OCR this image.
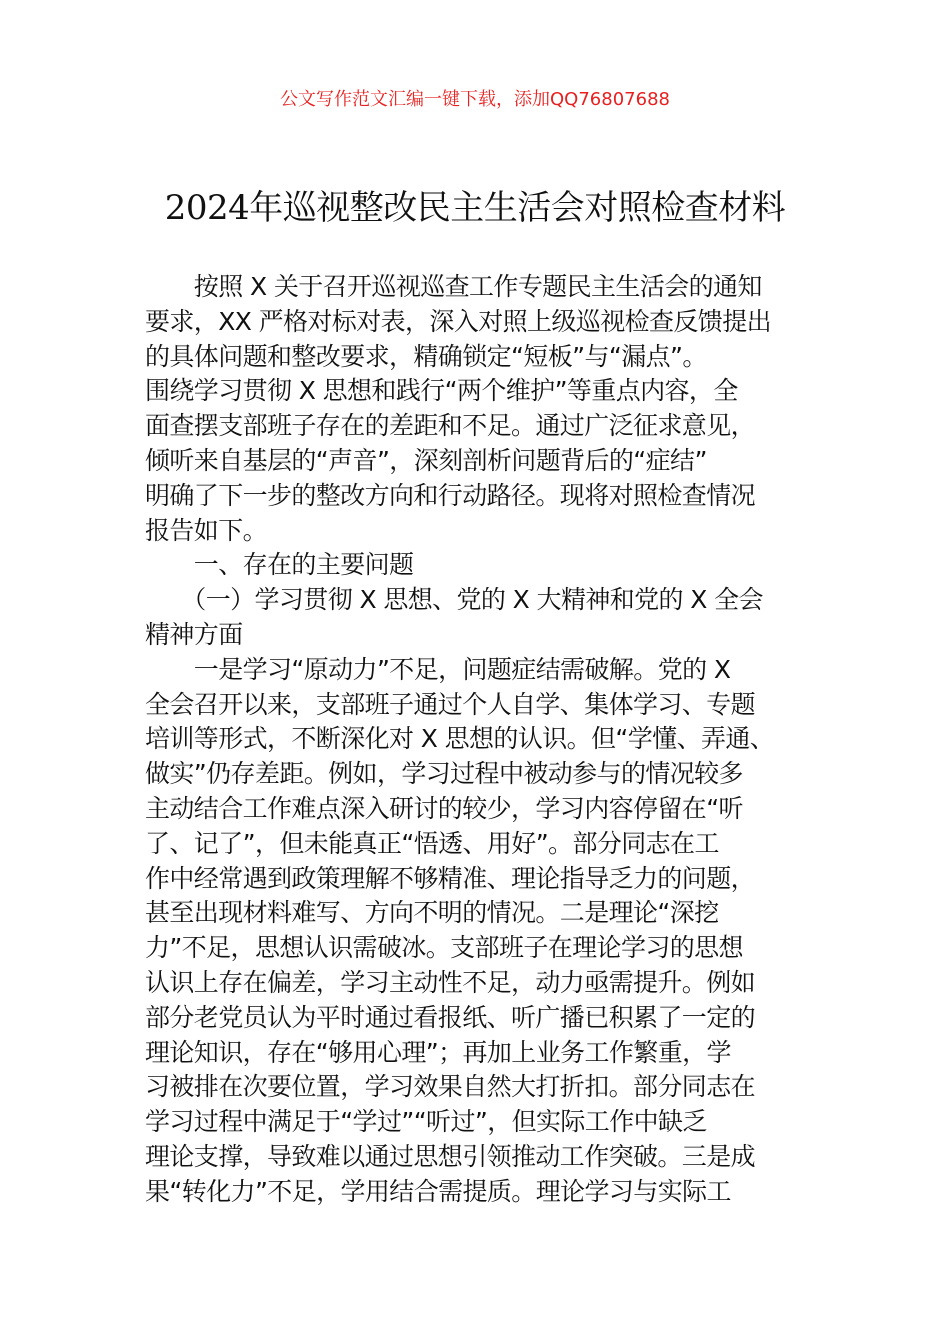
公文写作范文汇编一键下载，添加QQ76807688
2024年巡视整改民主生活会对照检查材料
　　按照 X 关于召开巡视巡查工作专题民主生活会的通知
要求，XX 严格对标对表，深入对照上级巡视检查反馈提出
的具体问题和整改要求，精确锁定“短板”与“漏点”。
围绕学习贯彻 X 思想和践行“两个维护”等重点内容，全
面查摆支部班子存在的差距和不足。通过广泛征求意见，
倾听来自基层的“声音”，深刻剖析问题背后的“症结”
明确了下一步的整改方向和行动路径。现将对照检查情况
报告如下。
　　一、存在的主要问题
　　（一）学习贯彻 X 思想、党的 X 大精神和党的 X 全会
精神方面
　　一是学习“原动力”不足，问题症结需破解。党的 X
全会召开以来，支部班子通过个人自学、集体学习、专题
培训等形式，不断深化对 X 思想的认识。但“学懂、弄通、
做实”仍存差距。例如，学习过程中被动参与的情况较多
主动结合工作难点深入研讨的较少，学习内容停留在“听
了、记了”，但未能真正“悟透、用好”。部分同志在工
作中经常遇到政策理解不够精准、理论指导乏力的问题，
甚至出现材料难写、方向不明的情况。二是理论“深挖
力”不足，思想认识需破冰。支部班子在理论学习的思想
认识上存在偏差，学习主动性不足，动力亟需提升。例如
部分老党员认为平时通过看报纸、听广播已积累了一定的
理论知识，存在“够用心理”；再加上业务工作繁重，学
习被排在次要位置，学习效果自然大打折扣。部分同志在
学习过程中满足于“学过”“听过”，但实际工作中缺乏
理论支撑，导致难以通过思想引领推动工作突破。三是成
果“转化力”不足，学用结合需提质。理论学习与实际工
